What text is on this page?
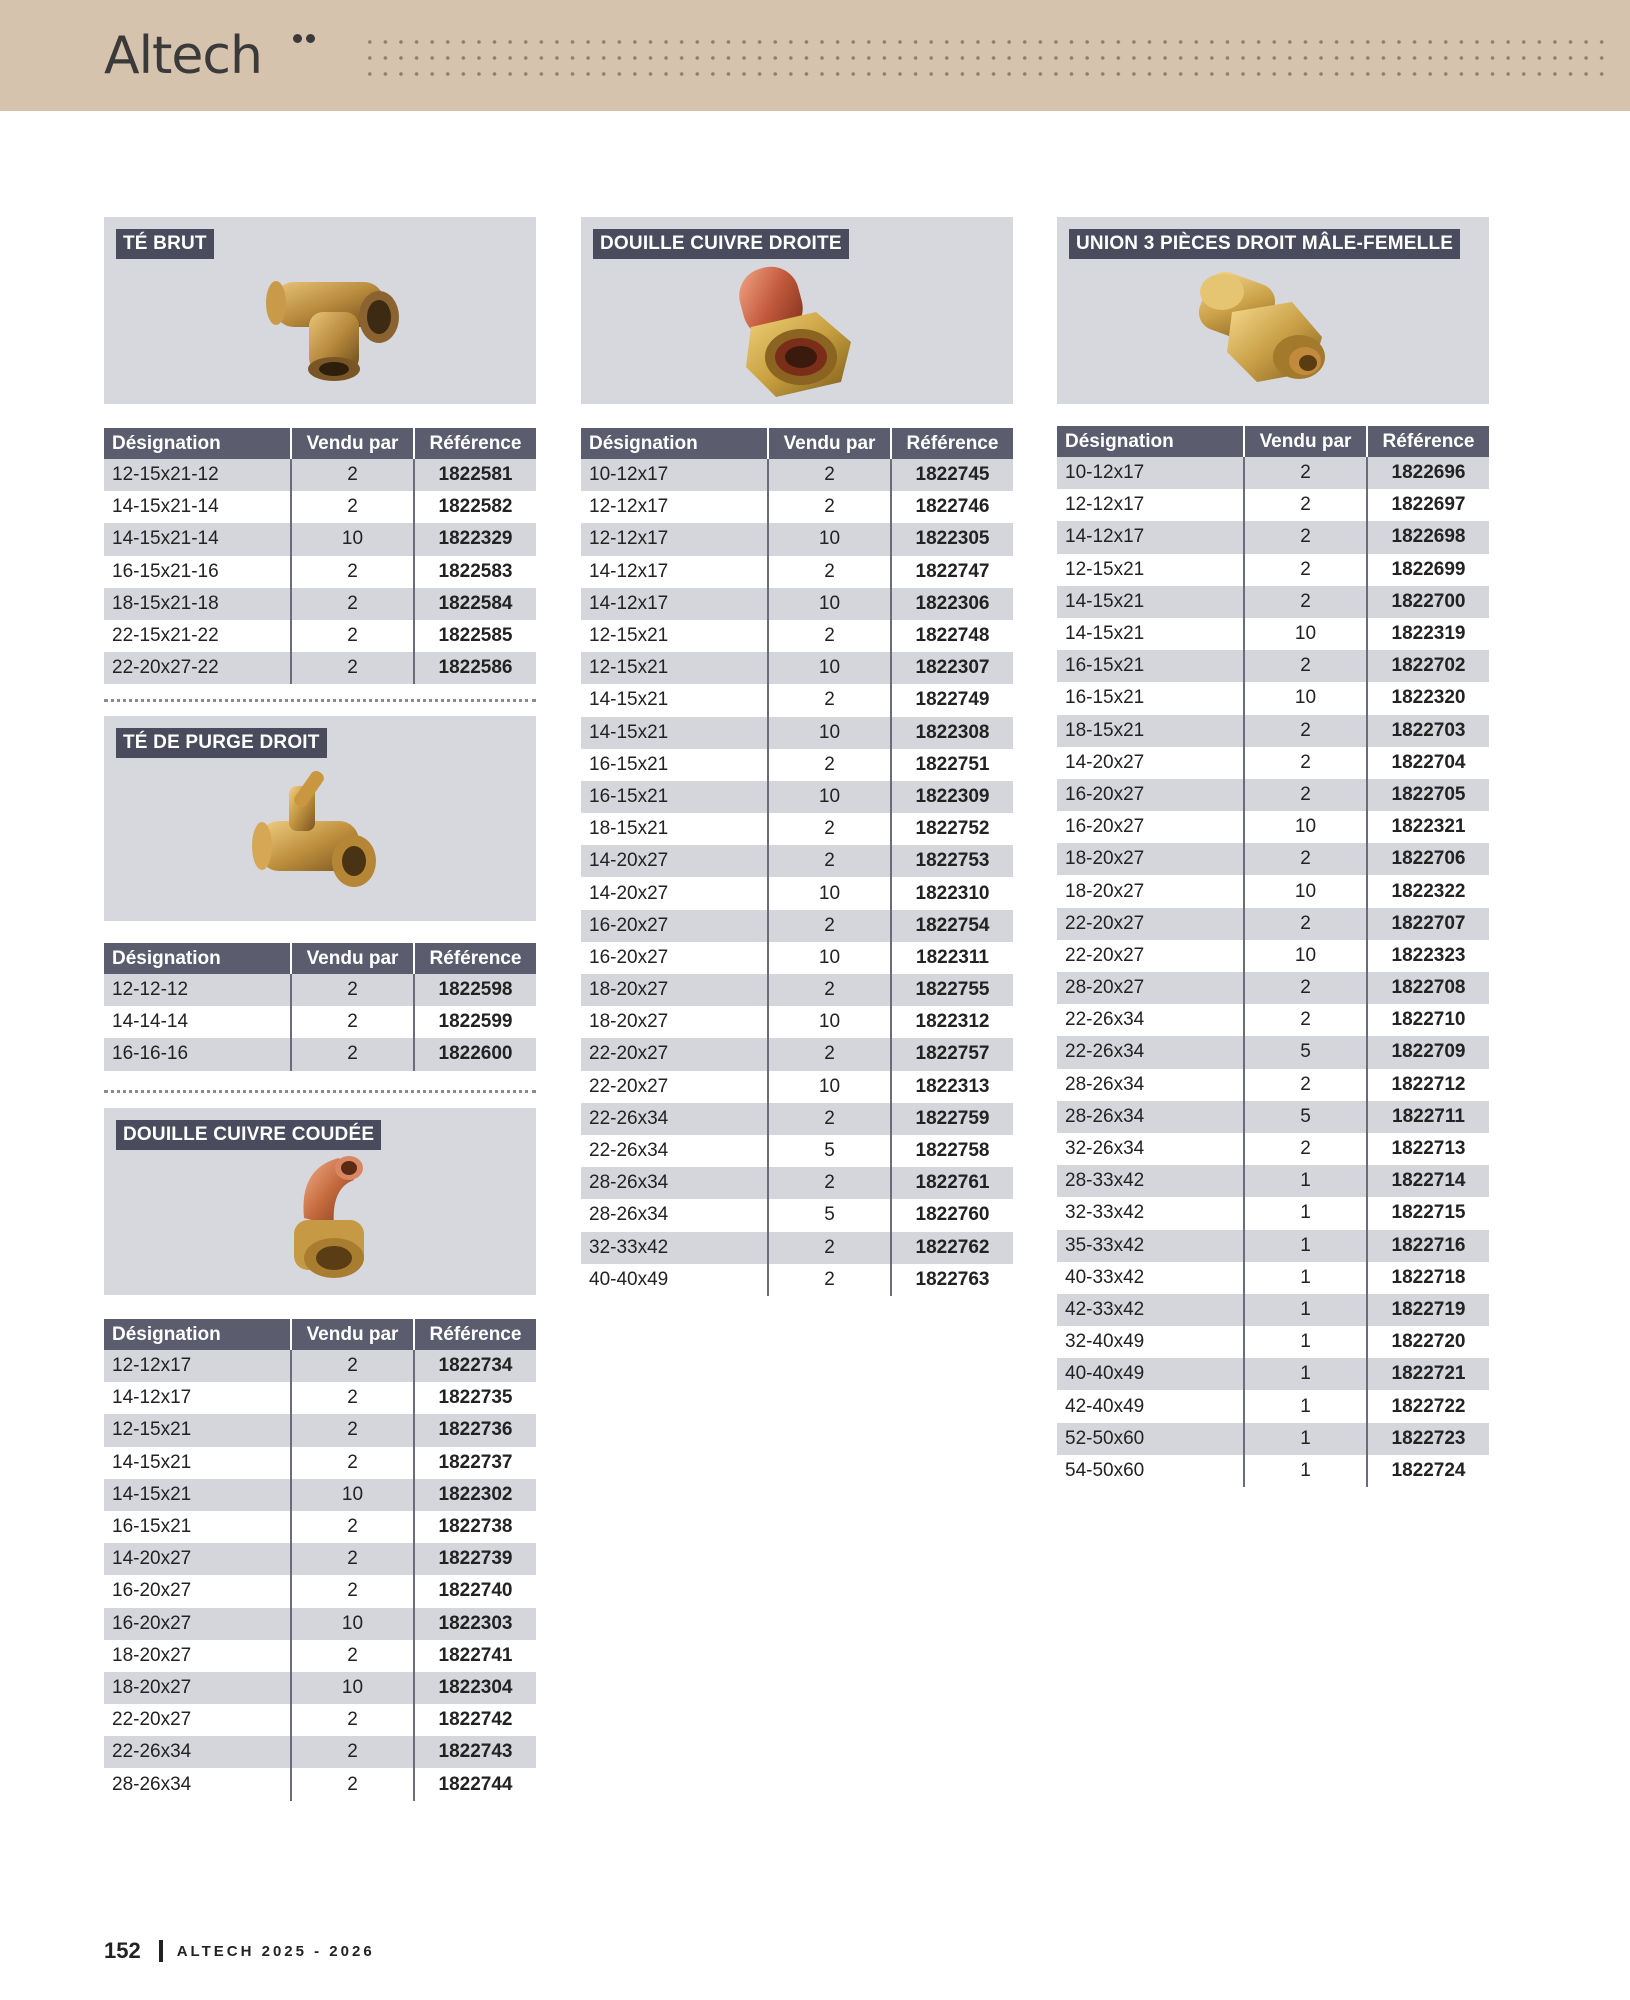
Altech
TÉ BRUT
Désignation	Vendu par	Référence
12-15x21-12	2	1822581
14-15x21-14	2	1822582
14-15x21-14	10	1822329
16-15x21-16	2	1822583
18-15x21-18	2	1822584
22-15x21-22	2	1822585
22-20x27-22	2	1822586
TÉ DE PURGE DROIT
Désignation	Vendu par	Référence
12-12-12	2	1822598
14-14-14	2	1822599
16-16-16	2	1822600
DOUILLE CUIVRE COUDÉE
Désignation	Vendu par	Référence
12-12x17	2	1822734
14-12x17	2	1822735
12-15x21	2	1822736
14-15x21	2	1822737
14-15x21	10	1822302
16-15x21	2	1822738
14-20x27	2	1822739
16-20x27	2	1822740
16-20x27	10	1822303
18-20x27	2	1822741
18-20x27	10	1822304
22-20x27	2	1822742
22-26x34	2	1822743
28-26x34	2	1822744
DOUILLE CUIVRE DROITE
Désignation	Vendu par	Référence
10-12x17	2	1822745
12-12x17	2	1822746
12-12x17	10	1822305
14-12x17	2	1822747
14-12x17	10	1822306
12-15x21	2	1822748
12-15x21	10	1822307
14-15x21	2	1822749
14-15x21	10	1822308
16-15x21	2	1822751
16-15x21	10	1822309
18-15x21	2	1822752
14-20x27	2	1822753
14-20x27	10	1822310
16-20x27	2	1822754
16-20x27	10	1822311
18-20x27	2	1822755
18-20x27	10	1822312
22-20x27	2	1822757
22-20x27	10	1822313
22-26x34	2	1822759
22-26x34	5	1822758
28-26x34	2	1822761
28-26x34	5	1822760
32-33x42	2	1822762
40-40x49	2	1822763
UNION 3 PIÈCES DROIT MÂLE-FEMELLE
Désignation	Vendu par	Référence
10-12x17	2	1822696
12-12x17	2	1822697
14-12x17	2	1822698
12-15x21	2	1822699
14-15x21	2	1822700
14-15x21	10	1822319
16-15x21	2	1822702
16-15x21	10	1822320
18-15x21	2	1822703
14-20x27	2	1822704
16-20x27	2	1822705
16-20x27	10	1822321
18-20x27	2	1822706
18-20x27	10	1822322
22-20x27	2	1822707
22-20x27	10	1822323
28-20x27	2	1822708
22-26x34	2	1822710
22-26x34	5	1822709
28-26x34	2	1822712
28-26x34	5	1822711
32-26x34	2	1822713
28-33x42	1	1822714
32-33x42	1	1822715
35-33x42	1	1822716
40-33x42	1	1822718
42-33x42	1	1822719
32-40x49	1	1822720
40-40x49	1	1822721
42-40x49	1	1822722
52-50x60	1	1822723
54-50x60	1	1822724
152 ALTECH 2025 - 2026
